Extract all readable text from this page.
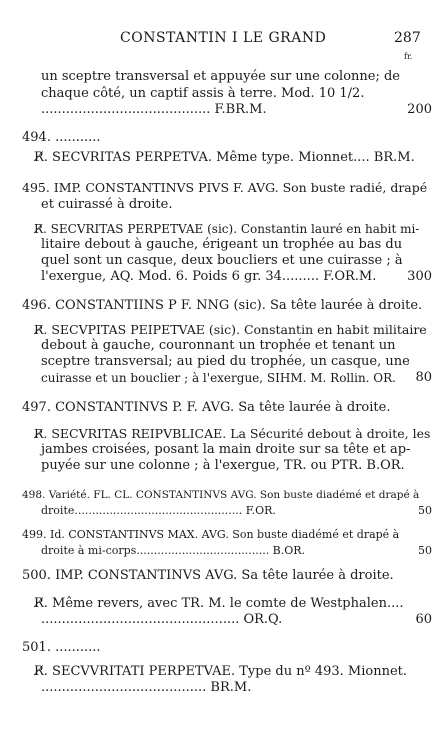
CONSTANTIN I LE GRAND	287
fr.
un sceptre transversal et appuyée sur une colonne; de
chaque côté, un captif assis à terre. Mod. 10 1/2.
......................................... F.BR.M.	200
494. ...........
R̸. SECVRITAS PERPETVA. Même type. Mionnet.... BR.M.
495. IMP. CONSTANTINVS PIVS F. AVG. Son buste radié, drapé
et cuirassé à droite.
R̸. SECVRITAS PERPETVAE (sic). Constantin lauré en habit mi-
litaire debout à gauche, érigeant un trophée au bas du
quel sont un casque, deux boucliers et une cuirasse ; à
l'exergue, AQ. Mod. 6. Poids 6 gr. 34......... F.OR.M. 300
496. CONSTANTIINS P F. NNG (sic). Sa tête laurée à droite.
R̸. SECVPITAS PEIPETVAE (sic). Constantin en habit militaire
debout à gauche, couronnant un trophée et tenant un
sceptre transversal; au pied du trophée, un casque, une
cuirasse et un bouclier ; à l'exergue, SIHM. M. Rollin. OR. 80
497. CONSTANTINVS P. F. AVG. Sa tête laurée à droite.
R̸. SECVRITAS REIPVBLICAE. La Sécurité debout à droite, les
jambes croisées, posant la main droite sur sa tête et ap-
puyée sur une colonne ; à l'exergue, TR. ou PTR. B.OR.
498. Variété. FL. CL. CONSTANTINVS AVG. Son buste diadémé et drapé à
droite................................................ F.OR.	50
499. Id. CONSTANTINVS MAX. AVG. Son buste diadémé et drapé à
droite à mi-corps...................................... B.OR.	50
500. IMP. CONSTANTINVS AVG. Sa tête laurée à droite.
R̸. Même revers, avec TR. M. le comte de Westphalen....
................................................ OR.Q.	60
501. ...........
R̸. SECVVRITATI PERPETVAE. Type du nº 493. Mionnet.
........................................ BR.M.
